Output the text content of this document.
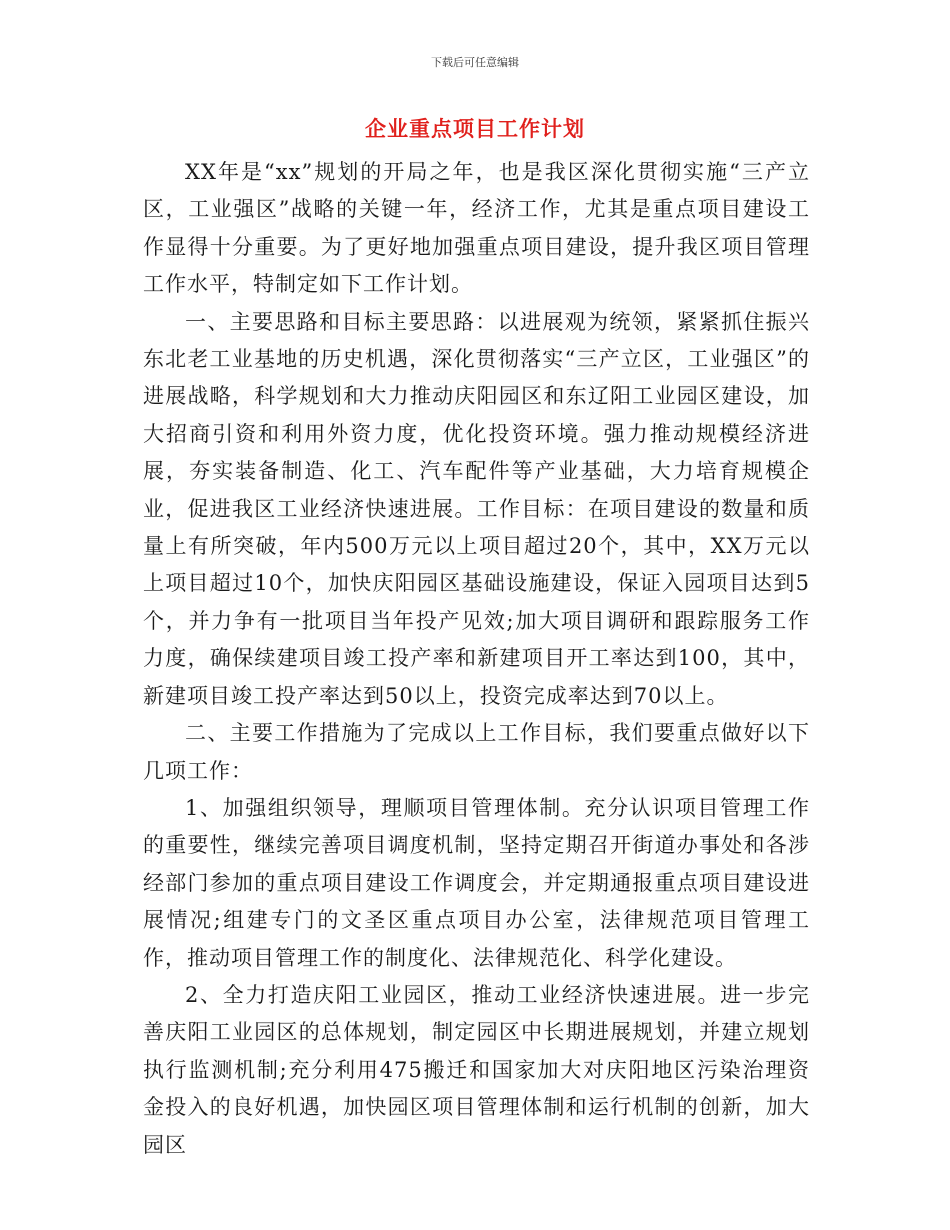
下载后可任意编辑
企业重点项目工作计划

XX年是“xx”规划的开局之年，也是我区深化贯彻实施“三产立区，工业强区”战略的关键一年，经济工作，尤其是重点项目建设工作显得十分重要。为了更好地加强重点项目建设，提升我区项目管理工作水平，特制定如下工作计划。

一、主要思路和目标主要思路：以进展观为统领，紧紧抓住振兴东北老工业基地的历史机遇，深化贯彻落实“三产立区，工业强区”的进展战略，科学规划和大力推动庆阳园区和东辽阳工业园区建设，加大招商引资和利用外资力度，优化投资环境。强力推动规模经济进展，夯实装备制造、化工、汽车配件等产业基础，大力培育规模企业，促进我区工业经济快速进展。工作目标：在项目建设的数量和质量上有所突破，年内500万元以上项目超过20个，其中，XX万元以上项目超过10个，加快庆阳园区基础设施建设，保证入园项目达到5个，并力争有一批项目当年投产见效;加大项目调研和跟踪服务工作力度，确保续建项目竣工投产率和新建项目开工率达到100，其中，新建项目竣工投产率达到50以上，投资完成率达到70以上。

二、主要工作措施为了完成以上工作目标，我们要重点做好以下几项工作：

1、加强组织领导，理顺项目管理体制。充分认识项目管理工作的重要性，继续完善项目调度机制，坚持定期召开街道办事处和各涉经部门参加的重点项目建设工作调度会，并定期通报重点项目建设进展情况;组建专门的文圣区重点项目办公室，法律规范项目管理工作，推动项目管理工作的制度化、法律规范化、科学化建设。

2、全力打造庆阳工业园区，推动工业经济快速进展。进一步完善庆阳工业园区的总体规划，制定园区中长期进展规划，并建立规划执行监测机制;充分利用475搬迁和国家加大对庆阳地区污染治理资金投入的良好机遇，加快园区项目管理体制和运行机制的创新，加大园区
